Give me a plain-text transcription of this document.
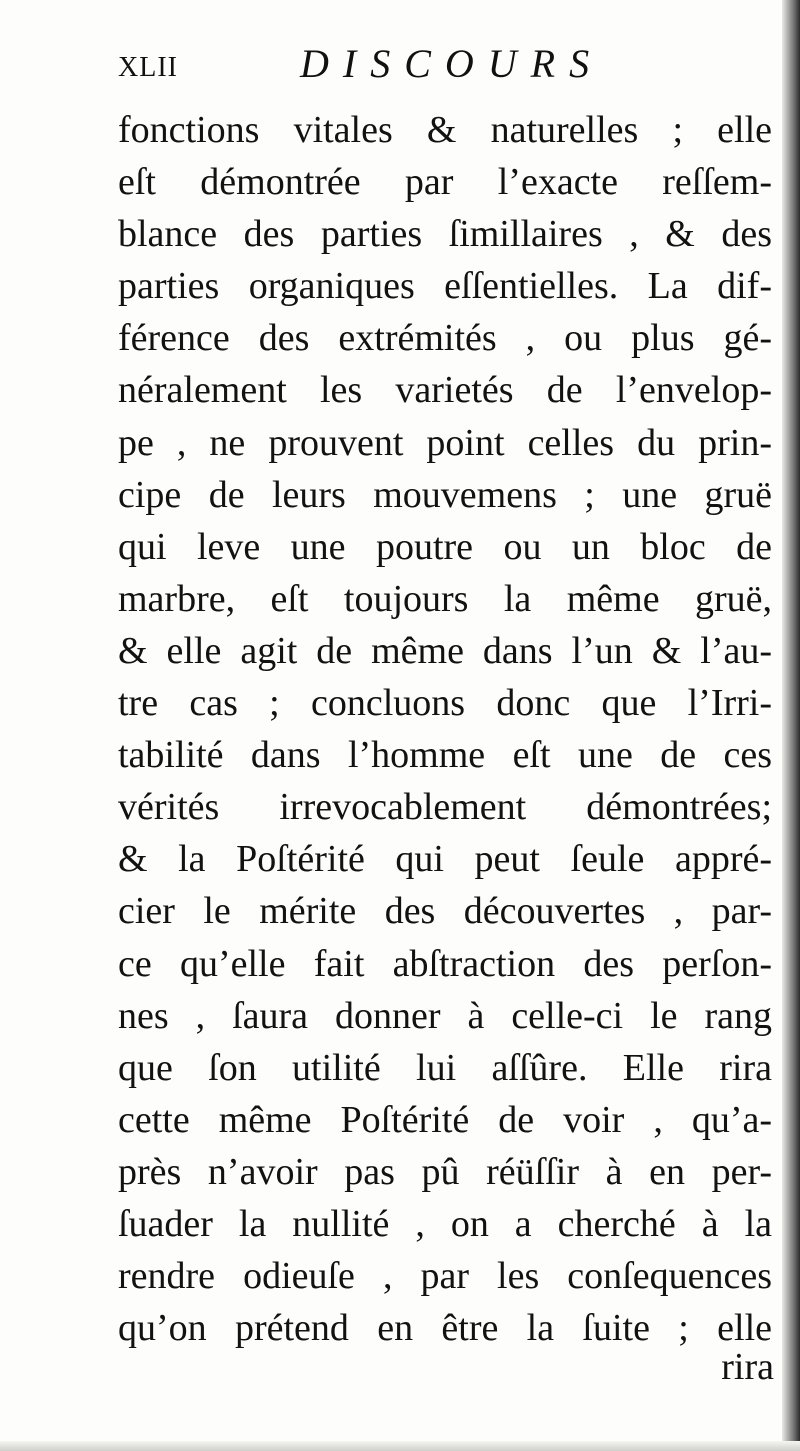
XLII	DISCOURS
fonctions vitales & naturelles ; elle
eſt démontrée par l’exacte reſſem-
blance des parties ſimillaires , & des
parties organiques eſſentielles. La dif-
férence des extrémités , ou plus gé-
néralement les varietés de l’envelop-
pe , ne prouvent point celles du prin-
cipe de leurs mouvemens ; une gruë
qui leve une poutre ou un bloc de
marbre, eſt toujours la même gruë,
& elle agit de même dans l’un & l’au-
tre cas ; concluons donc que l’Irri-
tabilité dans l’homme eſt une de ces
vérités irrevocablement démontrées;
& la Poſtérité qui peut ſeule appré-
cier le mérite des découvertes , par-
ce qu’elle fait abſtraction des perſon-
nes , ſaura donner à celle-ci le rang
que ſon utilité lui aſſûre. Elle rira
cette même Poſtérité de voir , qu’a-
près n’avoir pas pû réüſſir à en per-
ſuader la nullité , on a cherché à la
rendre odieuſe , par les conſequences
qu’on prétend en être la ſuite ; elle
rira
